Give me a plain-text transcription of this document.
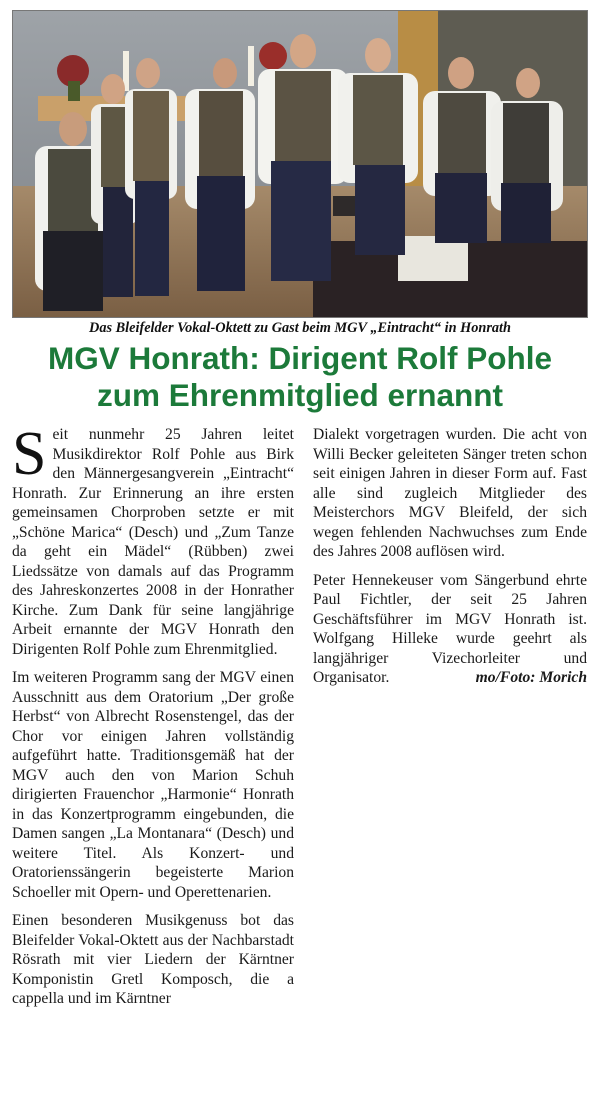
Das Bleifelder Vokal-Oktett zu Gast beim MGV „Eintracht“ in Honrath
MGV Honrath: Dirigent Rolf Pohle
zum Ehrenmitglied ernannt

Seit nunmehr 25 Jahren leitet Musikdirektor Rolf Pohle aus Birk den Männergesangverein „Eintracht“ Honrath. Zur Erinnerung an ihre ersten gemeinsamen Chorproben setzte er mit „Schöne Marica“ (Desch) und „Zum Tanze da geht ein Mädel“ (Rübben) zwei Liedssätze von damals auf das Programm des Jahreskonzertes 2008 in der Honrather Kirche. Zum Dank für seine langjährige Arbeit ernannte der MGV Honrath den Dirigenten Rolf Pohle zum Ehrenmitglied.

Im weiteren Programm sang der MGV einen Ausschnitt aus dem Oratorium „Der große Herbst“ von Albrecht Rosenstengel, das der Chor vor einigen Jahren vollständig aufgeführt hatte. Traditionsgemäß hat der MGV auch den von Marion Schuh dirigierten Frauenchor „Harmonie“ Honrath in das Konzertprogramm eingebunden, die Damen sangen „La Montanara“ (Desch) und weitere Titel. Als Konzert- und Oratorienssängerin begeisterte Marion Schoeller mit Opern- und Operettenarien.

Einen besonderen Musikgenuss bot das Bleifelder Vokal-Oktett aus der Nachbarstadt Rösrath mit vier Liedern der Kärntner Komponistin Gretl Komposch, die a cappella und im Kärntner

Dialekt vorgetragen wurden. Die acht von Willi Becker geleiteten Sänger treten schon seit einigen Jahren in dieser Form auf. Fast alle sind zugleich Mitglieder des Meisterchors MGV Bleifeld, der sich wegen fehlenden Nachwuchses zum Ende des Jahres 2008 auflösen wird.

Peter Hennekeuser vom Sängerbund ehrte Paul Fichtler, der seit 25 Jahren Geschäftsführer im MGV Honrath ist. Wolfgang Hilleke wurde geehrt als langjähriger Vizechorleiter und Organisator.	mo/Foto: Morich
